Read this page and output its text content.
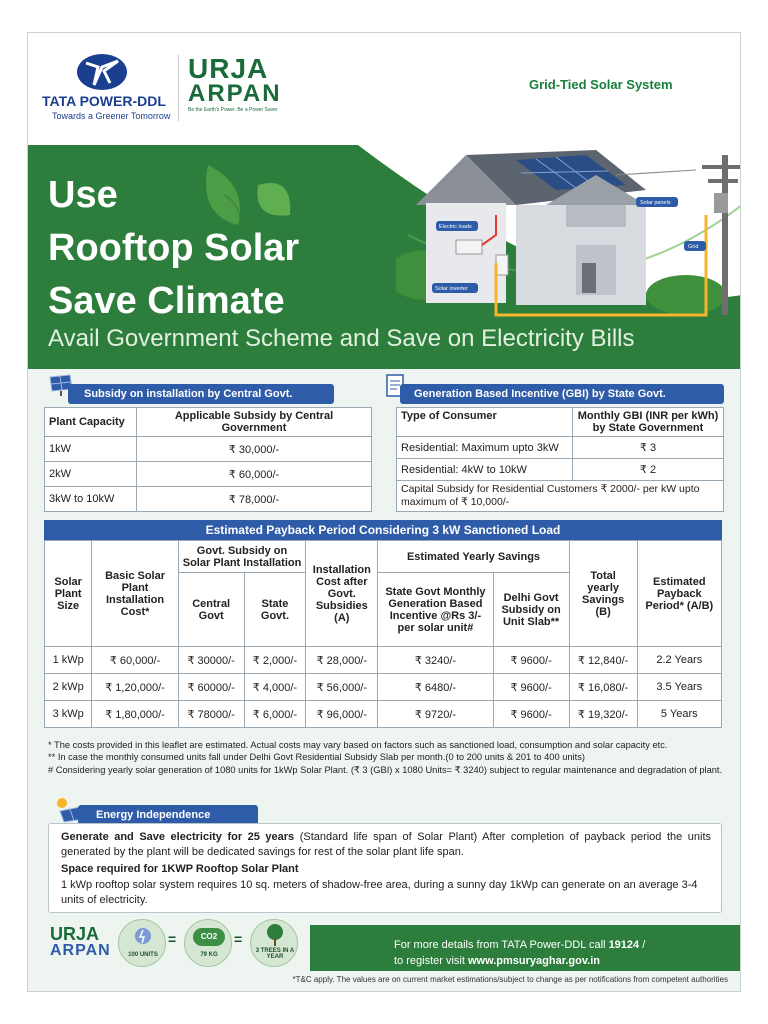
TATA POWER-DDL
Towards a Greener Tomorrow
URJA
ARPAN
Be the Earth's Power. Be a Power Saver
Grid-Tied Solar System
Electric loads
Solar panels
Grid
Solar inverter
Use
Rooftop Solar
Save Climate
Avail Government Scheme and Save on Electricity Bills
Subsidy on installation by Central Govt.
Plant Capacity	Applicable Subsidy by Central Government
1kW	₹ 30,000/-
2kW	₹ 60,000/-
3kW to 10kW	₹ 78,000/-
Generation Based Incentive (GBI) by State Govt.
Type of Consumer	Monthly GBI (INR per kWh) by State Government
Residential: Maximum upto 3kW	₹ 3
Residential: 4kW to 10kW	₹ 2
Capital Subsidy for Residential Customers ₹ 2000/- per kW upto maximum of ₹ 10,000/-	
Estimated Payback Period Considering 3 kW Sanctioned Load
Solar Plant Size	Basic Solar Plant Installation Cost*	Govt. Subsidy on Solar Plant Installation		Installation Cost after Govt. Subsidies (A)	Estimated Yearly Savings		Total yearly Savings (B)	Estimated Payback Period* (A/B)
		Central Govt	State Govt.		State Govt Monthly Generation Based Incentive @Rs 3/- per solar unit#	Delhi Govt Subsidy on Unit Slab**		
1 kWp	₹ 60,000/-	₹ 30000/-	₹ 2,000/-	₹ 28,000/-	₹ 3240/-	₹ 9600/-	₹ 12,840/-	2.2 Years
2 kWp	₹ 1,20,000/-	₹ 60000/-	₹ 4,000/-	₹ 56,000/-	₹ 6480/-	₹ 9600/-	₹ 16,080/-	3.5 Years
3 kWp	₹ 1,80,000/-	₹ 78000/-	₹ 6,000/-	₹ 96,000/-	₹ 9720/-	₹ 9600/-	₹ 19,320/-	5 Years
* The costs provided in this leaflet are estimated. Actual costs may vary based on factors such as sanctioned load, consumption and solar capacity etc.
** In case the monthly consumed units fall under Delhi Govt Residential Subsidy Slab per month.(0 to 200 units & 201 to 400 units)
# Considering yearly solar generation of 1080 units for 1kWp Solar Plant. (₹ 3 (GBI) x 1080 Units= ₹ 3240) subject to regular maintenance and degradation of plant.
Energy Independence
Generate and Save electricity for 25 years (Standard life span of Solar Plant) After completion of payback period the units generated by the plant will be dedicated savings for rest of the solar plant life span.
Space required for 1KWP Rooftop Solar Plant
1 kWp rooftop solar system requires 10 sq. meters of shadow-free area, during a sunny day 1kWp can generate on an average 3-4 units of electricity.
URJA
ARPAN	100 UNITS
=	CO2
79 KG
=
3 TREES IN A YEAR
For more details from TATA Power-DDL call 19124 /
to register visit www.pmsuryaghar.gov.in
*T&C apply. The values are on current market estimations/subject to change as per notifications from competent authorities
